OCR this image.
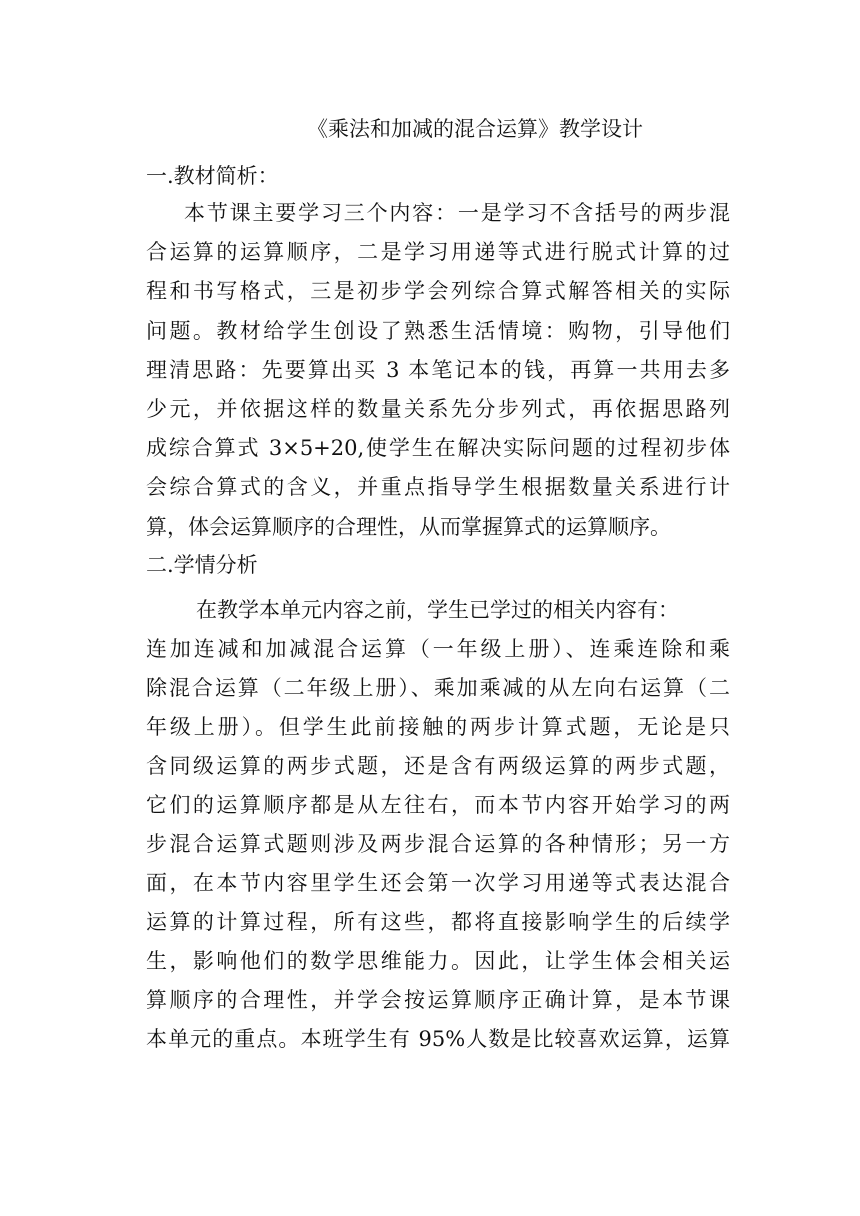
《乘法和加减的混合运算》教学设计
一.教材简析：
本节课主要学习三个内容：一是学习不含括号的两步混
合运算的运算顺序，二是学习用递等式进行脱式计算的过
程和书写格式，三是初步学会列综合算式解答相关的实际
问题。教材给学生创设了熟悉生活情境：购物，引导他们
理清思路：先要算出买 3 本笔记本的钱，再算一共用去多
少元，并依据这样的数量关系先分步列式，再依据思路列
成综合算式 3×5+20,使学生在解决实际问题的过程初步体
会综合算式的含义，并重点指导学生根据数量关系进行计
算，体会运算顺序的合理性，从而掌握算式的运算顺序。
二.学情分析
在教学本单元内容之前，学生已学过的相关内容有：
连加连减和加减混合运算（一年级上册）、连乘连除和乘
除混合运算（二年级上册）、乘加乘减的从左向右运算（二
年级上册）。但学生此前接触的两步计算式题，无论是只
含同级运算的两步式题，还是含有两级运算的两步式题，
它们的运算顺序都是从左往右，而本节内容开始学习的两
步混合运算式题则涉及两步混合运算的各种情形；另一方
面，在本节内容里学生还会第一次学习用递等式表达混合
运算的计算过程，所有这些，都将直接影响学生的后续学
生，影响他们的数学思维能力。因此，让学生体会相关运
算顺序的合理性，并学会按运算顺序正确计算，是本节课
本单元的重点。本班学生有 95%人数是比较喜欢运算，运算
